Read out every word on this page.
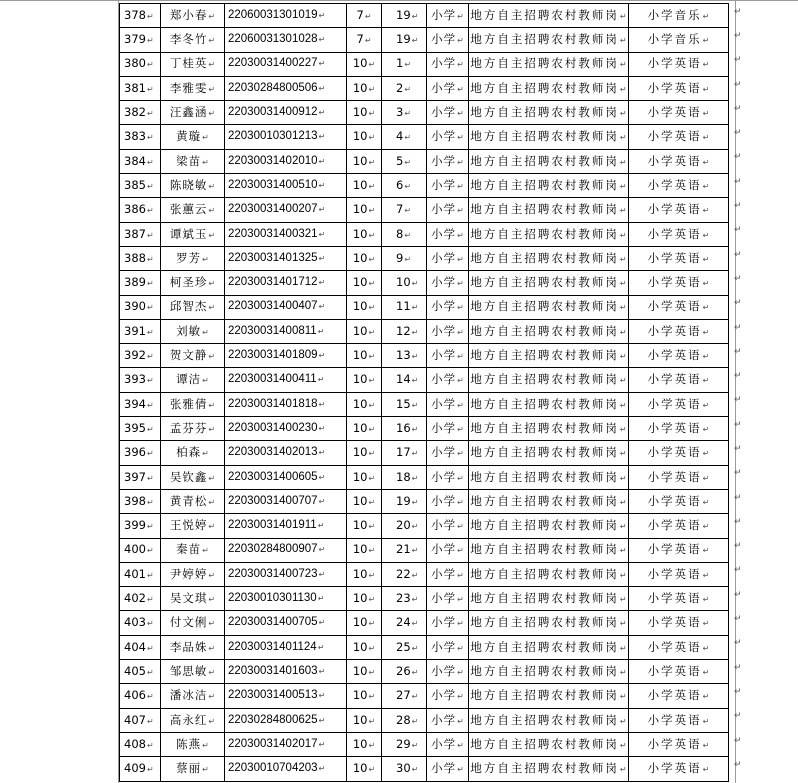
378↵	郑小春↵	22060031301019↵	7↵	19↵	小学↵	地方自主招聘农村教师岗↵	小学音乐↵
379↵	李冬竹↵	22060031301028↵	7↵	19↵	小学↵	地方自主招聘农村教师岗↵	小学音乐↵
380↵	丁桂英↵	22030031400227↵	10↵	1↵	小学↵	地方自主招聘农村教师岗↵	小学英语↵
381↵	李雅雯↵	22030284800506↵	10↵	2↵	小学↵	地方自主招聘农村教师岗↵	小学英语↵
382↵	汪鑫涵↵	22030031400912↵	10↵	3↵	小学↵	地方自主招聘农村教师岗↵	小学英语↵
383↵	黄璇↵	22030010301213↵	10↵	4↵	小学↵	地方自主招聘农村教师岗↵	小学英语↵
384↵	梁苗↵	22030031402010↵	10↵	5↵	小学↵	地方自主招聘农村教师岗↵	小学英语↵
385↵	陈晓敏↵	22030031400510↵	10↵	6↵	小学↵	地方自主招聘农村教师岗↵	小学英语↵
386↵	张蕙云↵	22030031400207↵	10↵	7↵	小学↵	地方自主招聘农村教师岗↵	小学英语↵
387↵	谭斌玉↵	22030031400321↵	10↵	8↵	小学↵	地方自主招聘农村教师岗↵	小学英语↵
388↵	罗芳↵	22030031401325↵	10↵	9↵	小学↵	地方自主招聘农村教师岗↵	小学英语↵
389↵	柯圣珍↵	22030031401712↵	10↵	10↵	小学↵	地方自主招聘农村教师岗↵	小学英语↵
390↵	邱智杰↵	22030031400407↵	10↵	11↵	小学↵	地方自主招聘农村教师岗↵	小学英语↵
391↵	刘敏↵	22030031400811↵	10↵	12↵	小学↵	地方自主招聘农村教师岗↵	小学英语↵
392↵	贺文静↵	22030031401809↵	10↵	13↵	小学↵	地方自主招聘农村教师岗↵	小学英语↵
393↵	谭洁↵	22030031400411↵	10↵	14↵	小学↵	地方自主招聘农村教师岗↵	小学英语↵
394↵	张雅倩↵	22030031401818↵	10↵	15↵	小学↵	地方自主招聘农村教师岗↵	小学英语↵
395↵	孟芬芬↵	22030031400230↵	10↵	16↵	小学↵	地方自主招聘农村教师岗↵	小学英语↵
396↵	柏森↵	22030031402013↵	10↵	17↵	小学↵	地方自主招聘农村教师岗↵	小学英语↵
397↵	吴钦鑫↵	22030031400605↵	10↵	18↵	小学↵	地方自主招聘农村教师岗↵	小学英语↵
398↵	黄青松↵	22030031400707↵	10↵	19↵	小学↵	地方自主招聘农村教师岗↵	小学英语↵
399↵	王悦婷↵	22030031401911↵	10↵	20↵	小学↵	地方自主招聘农村教师岗↵	小学英语↵
400↵	秦苗↵	22030284800907↵	10↵	21↵	小学↵	地方自主招聘农村教师岗↵	小学英语↵
401↵	尹婷婷↵	22030031400723↵	10↵	22↵	小学↵	地方自主招聘农村教师岗↵	小学英语↵
402↵	吴文琪↵	22030010301130↵	10↵	23↵	小学↵	地方自主招聘农村教师岗↵	小学英语↵
403↵	付文俐↵	22030031400705↵	10↵	24↵	小学↵	地方自主招聘农村教师岗↵	小学英语↵
404↵	李品姝↵	22030031401124↵	10↵	25↵	小学↵	地方自主招聘农村教师岗↵	小学英语↵
405↵	邹思敏↵	22030031401603↵	10↵	26↵	小学↵	地方自主招聘农村教师岗↵	小学英语↵
406↵	潘冰洁↵	22030031400513↵	10↵	27↵	小学↵	地方自主招聘农村教师岗↵	小学英语↵
407↵	高永红↵	22030284800625↵	10↵	28↵	小学↵	地方自主招聘农村教师岗↵	小学英语↵
408↵	陈燕↵	22030031402017↵	10↵	29↵	小学↵	地方自主招聘农村教师岗↵	小学英语↵
409↵	蔡丽↵	22030010704203↵	10↵	30↵	小学↵	地方自主招聘农村教师岗↵	小学英语↵
↵
↵
↵
↵
↵
↵
↵
↵
↵
↵
↵
↵
↵
↵
↵
↵
↵
↵
↵
↵
↵
↵
↵
↵
↵
↵
↵
↵
↵
↵
↵
↵
